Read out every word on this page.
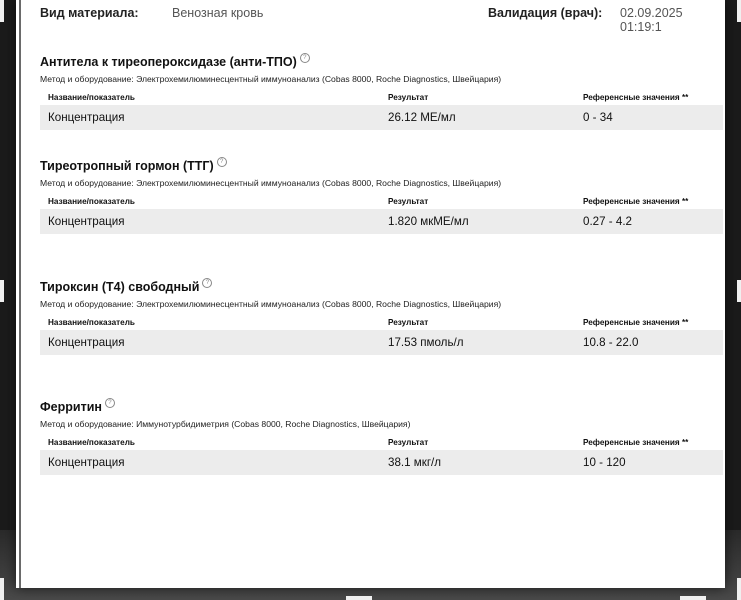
Вид материала:	Венозная кровь	Валидация (врач): 02.09.2025 01:19:1
Антитела к тиреопероксидазе (анти-ТПО)	?
Метод и оборудование: Электрохемилюминесцентный иммуноанализ (Cobas 8000, Roche Diagnostics, Швейцария)
Название/показатель	Результат	Референсные значения **
Концентрация	26.12 МЕ/мл	0 - 34
Тиреотропный гормон (ТТГ)	?
Метод и оборудование: Электрохемилюминесцентный иммуноанализ (Cobas 8000, Roche Diagnostics, Швейцария)
Название/показатель	Результат	Референсные значения **
Концентрация	1.820 мкМЕ/мл	0.27 - 4.2
Тироксин (Т4) свободный	?
Метод и оборудование: Электрохемилюминесцентный иммуноанализ (Cobas 8000, Roche Diagnostics, Швейцария)
Название/показатель	Результат	Референсные значения **
Концентрация	17.53 пмоль/л	10.8 - 22.0
Ферритин	?
Метод и оборудование: Иммунотурбидиметрия (Cobas 8000, Roche Diagnostics, Швейцария)
Название/показатель	Результат	Референсные значения **
Концентрация	38.1 мкг/л	10 - 120
